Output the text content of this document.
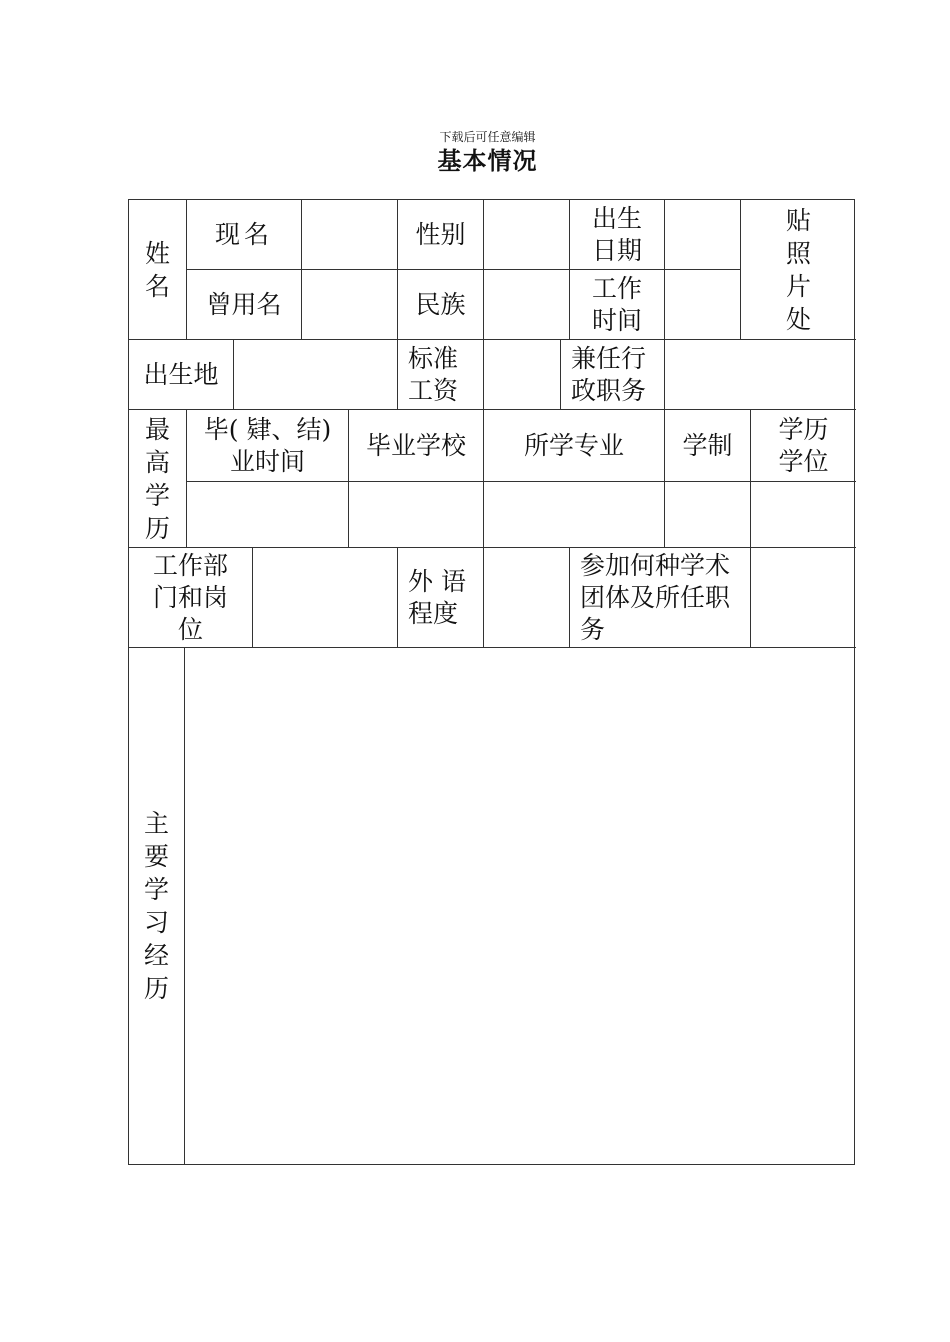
下载后可任意编辑
基本情况
姓名
现名	性别
出生日期
贴照片处
曾用名	民族
工作时间
出生地
标准工资
兼任行政职务
最高学历
毕( 肄、结) 业时间
毕业学校 所学专业 学制
学历学位
工作部门和岗位
外 语程度
参加何种学术团体及所任职务
主要学习经历
